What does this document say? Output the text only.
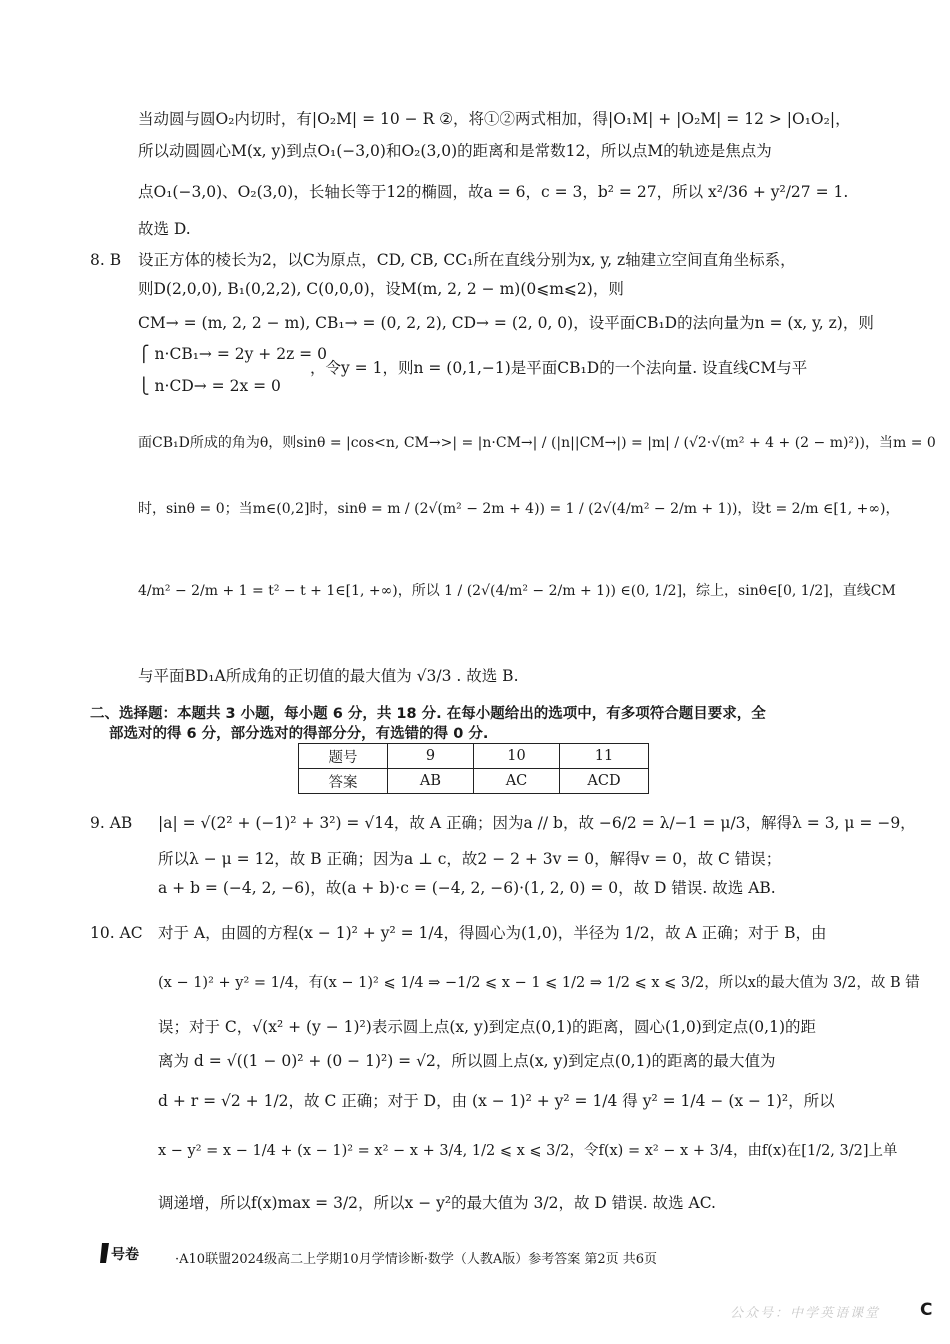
当动圆与圆O₂内切时，有|O₂M| = 10 − R ②，将①②两式相加，得|O₁M| + |O₂M| = 12 > |O₁O₂|，
所以动圆圆心M(x, y)到点O₁(−3,0)和O₂(3,0)的距离和是常数12，所以点M的轨迹是焦点为
点O₁(−3,0)、O₂(3,0)，长轴长等于12的椭圆，故a = 6，c = 3，b² = 27，所以 x²/36 + y²/27 = 1.
故选 D.
8. B 设正方体的棱长为2，以C为原点，CD, CB, CC₁所在直线分别为x, y, z轴建立空间直角坐标系，
则D(2,0,0), B₁(0,2,2), C(0,0,0)，设M(m, 2, 2 − m)(0⩽m⩽2)，则
CM→ = (m, 2, 2 − m), CB₁→ = (0, 2, 2), CD→ = (2, 0, 0)，设平面CB₁D的法向量为n = (x, y, z)，则
⎧ n·CB₁→ = 2y + 2z = 0
，令y = 1，则n = (0,1,−1)是平面CB₁D的一个法向量. 设直线CM与平
⎩ n·CD→ = 2x = 0
面CB₁D所成的角为θ，则sinθ = |cos<n, CM→>| = |n·CM→| / (|n||CM→|) = |m| / (√2·√(m² + 4 + (2 − m)²))，当m = 0
时，sinθ = 0；当m∈(0,2]时，sinθ = m / (2√(m² − 2m + 4)) = 1 / (2√(4/m² − 2/m + 1))，设t = 2/m ∈[1, +∞)，
4/m² − 2/m + 1 = t² − t + 1∈[1, +∞)，所以 1 / (2√(4/m² − 2/m + 1)) ∈(0, 1/2]，综上，sinθ∈[0, 1/2]，直线CM
与平面BD₁A所成角的正切值的最大值为 √3/3 . 故选 B.
二、选择题：本题共 3 小题，每小题 6 分，共 18 分. 在每小题给出的选项中，有多项符合题目要求，全
部选对的得 6 分，部分选对的得部分分，有选错的得 0 分.
题号	9	10	11
答案	AB	AC	ACD
9. AB |a| = √(2² + (−1)² + 3²) = √14，故 A 正确；因为a // b，故 −6/2 = λ/−1 = μ/3，解得λ = 3, μ = −9，
所以λ − μ = 12，故 B 正确；因为a ⊥ c，故2 − 2 + 3v = 0，解得v = 0，故 C 错误；
a + b = (−4, 2, −6)，故(a + b)·c = (−4, 2, −6)·(1, 2, 0) = 0，故 D 错误. 故选 AB.
10. AC 对于 A，由圆的方程(x − 1)² + y² = 1/4，得圆心为(1,0)，半径为 1/2，故 A 正确；对于 B，由
(x − 1)² + y² = 1/4，有(x − 1)² ⩽ 1/4 ⇒ −1/2 ⩽ x − 1 ⩽ 1/2 ⇒ 1/2 ⩽ x ⩽ 3/2，所以x的最大值为 3/2，故 B 错
误；对于 C，√(x² + (y − 1)²)表示圆上点(x, y)到定点(0,1)的距离，圆心(1,0)到定点(0,1)的距
离为 d = √((1 − 0)² + (0 − 1)²) = √2，所以圆上点(x, y)到定点(0,1)的距离的最大值为
d + r = √2 + 1/2，故 C 正确；对于 D，由 (x − 1)² + y² = 1/4 得 y² = 1/4 − (x − 1)²，所以
x − y² = x − 1/4 + (x − 1)² = x² − x + 3/4, 1/2 ⩽ x ⩽ 3/2，令f(x) = x² − x + 3/4，由f(x)在[1/2, 3/2]上单
调递增，所以f(x)max = 3/2，所以x − y²的最大值为 3/2，故 D 错误. 故选 AC.
号卷	·A10联盟2024级高二上学期10月学情诊断·数学（人教A版）参考答案 第2页 共6页
公众号：中学英语课堂 C
